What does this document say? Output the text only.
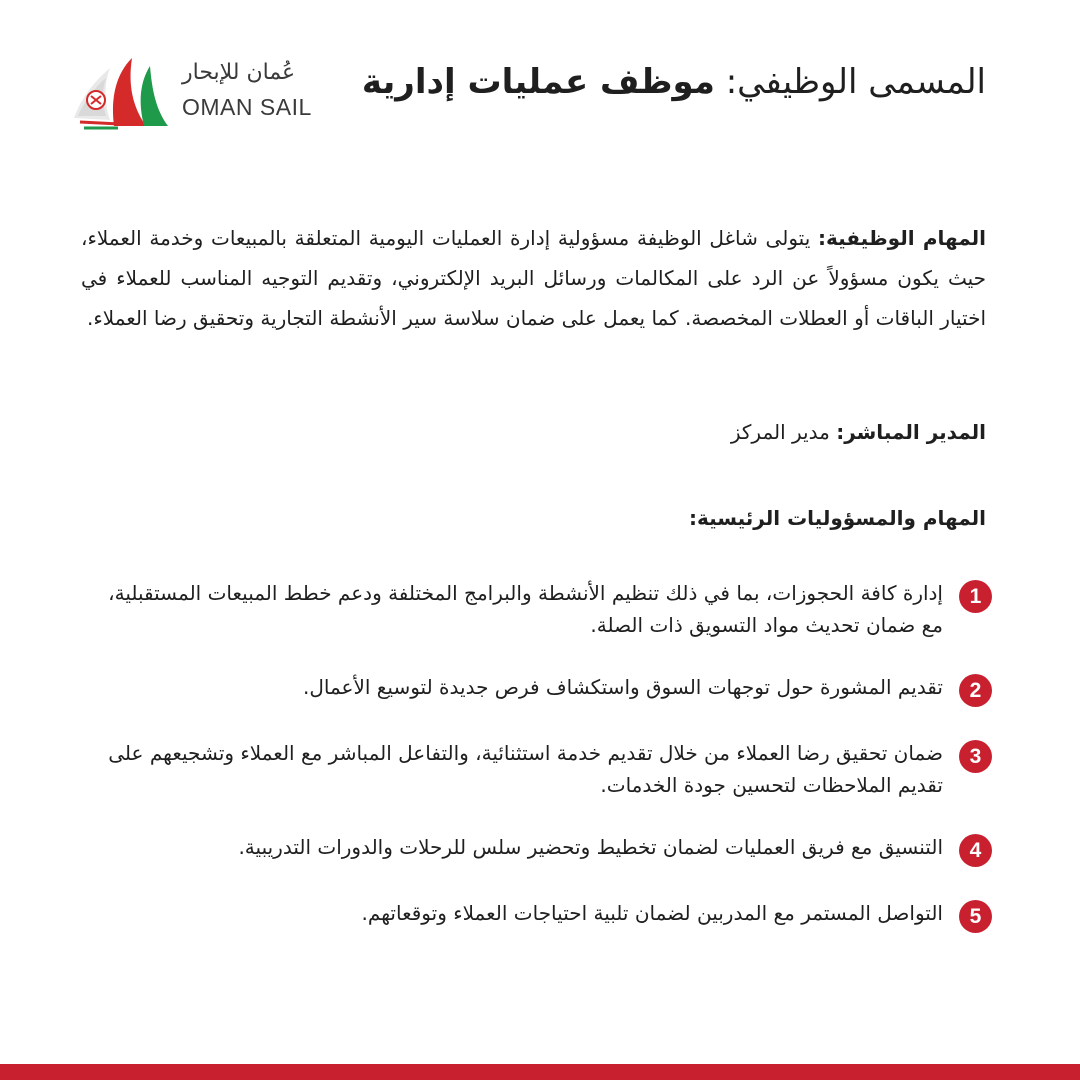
عُمان للإبحار
OMAN SAIL
المسمى الوظيفي: موظف عمليات إدارية

المهام الوظيفية: يتولى شاغل الوظيفة مسؤولية إدارة العمليات اليومية المتعلقة بالمبيعات وخدمة العملاء، حيث يكون مسؤولاً عن الرد على المكالمات ورسائل البريد الإلكتروني، وتقديم التوجيه المناسب للعملاء في اختيار الباقات أو العطلات المخصصة. كما يعمل على ضمان سلاسة سير الأنشطة التجارية وتحقيق رضا العملاء.

المدير المباشر: مدير المركز
المهام والمسؤوليات الرئيسية:
1
إدارة كافة الحجوزات، بما في ذلك تنظيم الأنشطة والبرامج المختلفة ودعم خطط المبيعات المستقبلية، مع ضمان تحديث مواد التسويق ذات الصلة.
2
تقديم المشورة حول توجهات السوق واستكشاف فرص جديدة لتوسيع الأعمال.
3
ضمان تحقيق رضا العملاء من خلال تقديم خدمة استثنائية، والتفاعل المباشر مع العملاء وتشجيعهم على تقديم الملاحظات لتحسين جودة الخدمات.
4
التنسيق مع فريق العمليات لضمان تخطيط وتحضير سلس للرحلات والدورات التدريبية.
5
التواصل المستمر مع المدربين لضمان تلبية احتياجات العملاء وتوقعاتهم.
